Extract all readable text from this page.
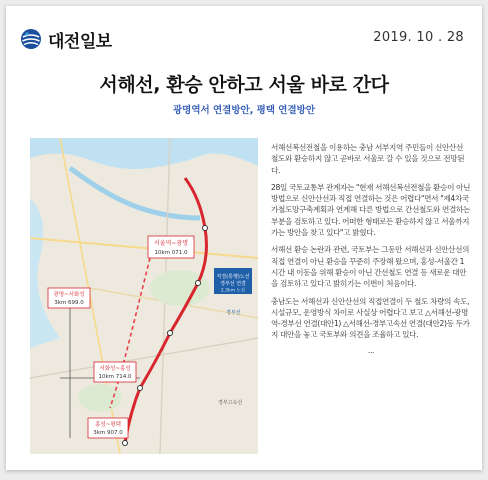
대전일보	2019. 10 . 28
서해선, 환승 안하고 서울 바로 간다
광명역서 연결방안, 평택 연결방안
서울역~광명
10km 071.0
광명~서화성
3km 699.0
서화성~홍성
10km 714.0
홍성~평택
3km 907.0
직결(통행)노선
경부선 연결
2.3km 노선
경부선
경부고속선

서해선복선전철을 이용하는 충남 서부지역 주민들이 신안산선 철도와 환승하지 않고 곧바로 서울로 갈 수 있을 것으로 전망된다.

28일 국토교통부 관계자는 "현재 서해선복선전철을 환승이 아닌 방법으로 신안산선과 직접 연결하는 것은 어렵다"면서 "제4차국가철도망구축계획과 연계해 다른 방법으로 간선철도와 연결하는 부분을 검토하고 있다. 어떠한 형태로든 환승하지 않고 서울까지 가는 방안을 찾고 있다"고 밝혔다.

서해선 환승 논란과 관련, 국토부는 그동안 서해선과 신안산선의 직접 연결이 아닌 환승을 꾸준히 주장해 왔으며, 홍성-서울간 1시간 내 이동을 위해 환승이 아닌 간선철도 연결 등 새로운 대안을 검토하고 있다고 밝히기는 이번이 처음이다.

충남도는 서해선과 신안산선의 직접연결이 두 철도 차량의 속도, 시설규모, 운영방식 차이로 사실상 어렵다고 보고 △서해선-광명역-경부선 연결(대안1) △서해선-경부고속선 연결(대안2)등 두가지 대안을 놓고 국토부와 의견을 조율하고 있다.

...
